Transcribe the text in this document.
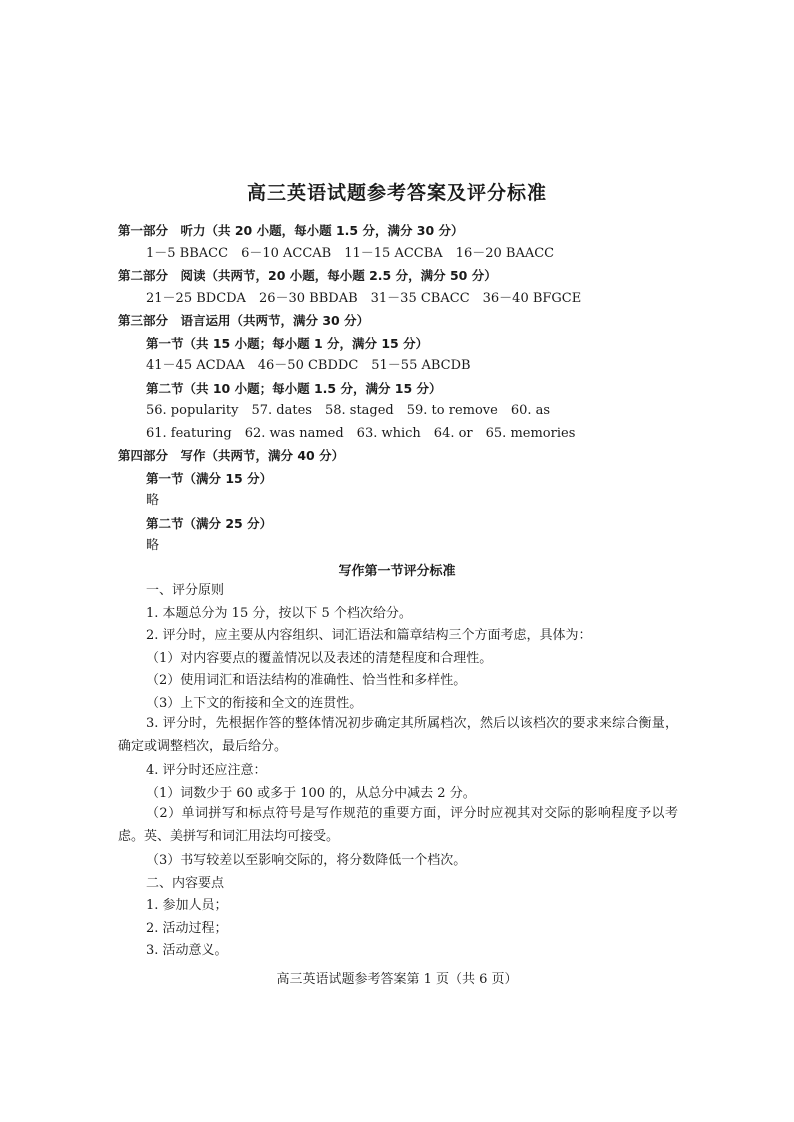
高三英语试题参考答案及评分标准
第一部分　听力（共 20 小题，每小题 1.5 分，满分 30 分）
1－5 BBACC　6－10 ACCAB　11－15 ACCBA　16－20 BAACC
第二部分　阅读（共两节，20 小题，每小题 2.5 分，满分 50 分）
21－25 BDCDA　26－30 BBDAB　31－35 CBACC　36－40 BFGCE
第三部分　语言运用（共两节，满分 30 分）
第一节（共 15 小题；每小题 1 分，满分 15 分）
41－45 ACDAA　46－50 CBDDC　51－55 ABCDB
第二节（共 10 小题；每小题 1.5 分，满分 15 分）
56. popularity　57. dates　58. staged　59. to remove　60. as
61. featuring　62. was named　63. which　64. or　65. memories
第四部分　写作（共两节，满分 40 分）
第一节（满分 15 分）
略
第二节（满分 25 分）
略
写作第一节评分标准
一、评分原则
1. 本题总分为 15 分，按以下 5 个档次给分。
2. 评分时，应主要从内容组织、词汇语法和篇章结构三个方面考虑，具体为：
（1）对内容要点的覆盖情况以及表述的清楚程度和合理性。
（2）使用词汇和语法结构的准确性、恰当性和多样性。
（3）上下文的衔接和全文的连贯性。
3. 评分时，先根据作答的整体情况初步确定其所属档次，然后以该档次的要求来综合衡量，确定或调整档次，最后给分。
4. 评分时还应注意：
（1）词数少于 60 或多于 100 的，从总分中减去 2 分。
（2）单词拼写和标点符号是写作规范的重要方面，评分时应视其对交际的影响程度予以考虑。英、美拼写和词汇用法均可接受。
（3）书写较差以至影响交际的，将分数降低一个档次。
二、内容要点
1. 参加人员；
2. 活动过程；
3. 活动意义。
高三英语试题参考答案第 1 页（共 6 页）
